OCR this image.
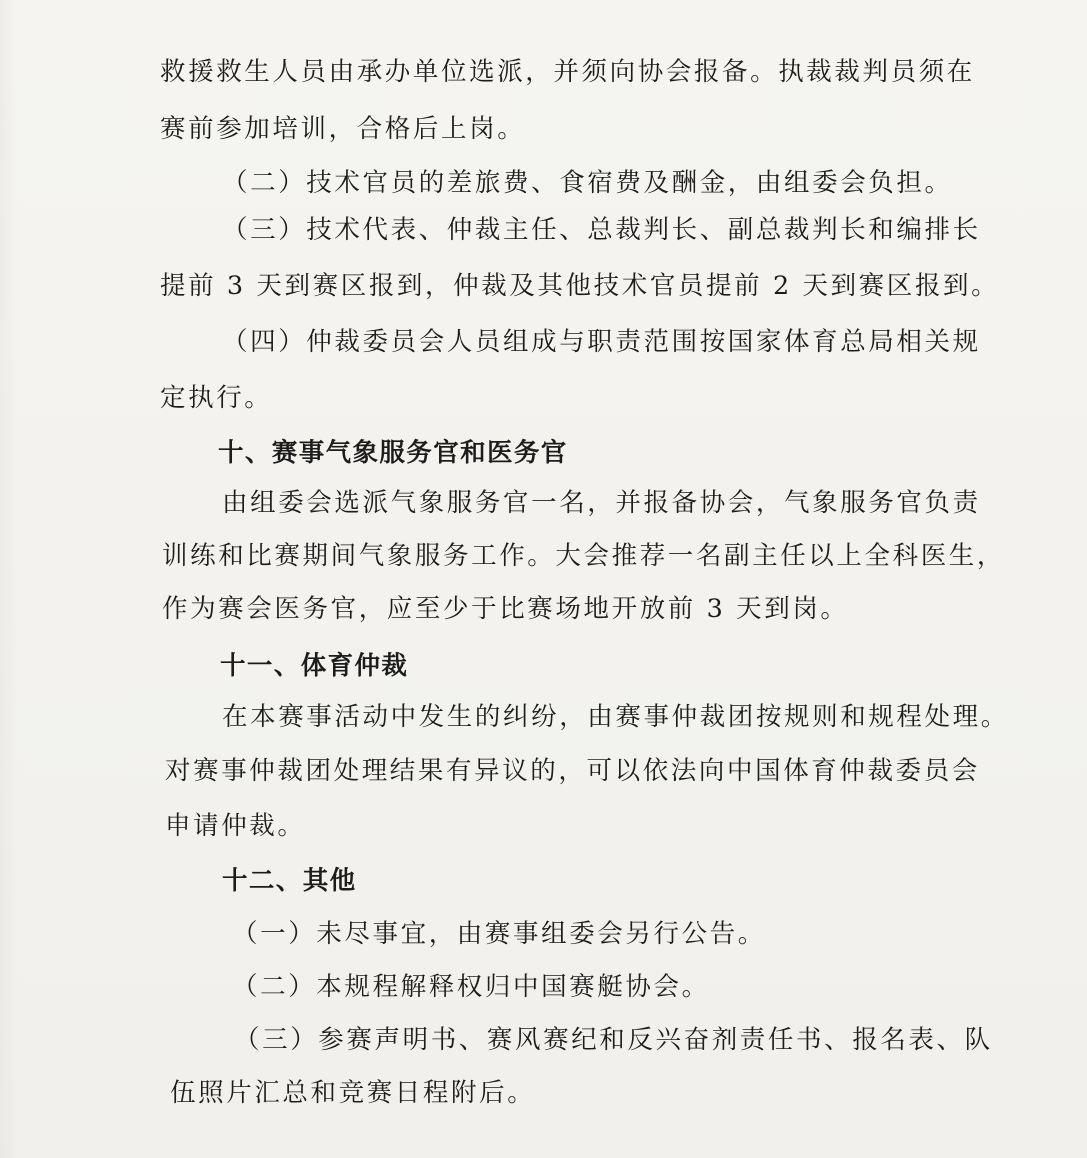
救援救生人员由承办单位选派，并须向协会报备。执裁裁判员须在
赛前参加培训，合格后上岗。
（二）技术官员的差旅费、食宿费及酬金，由组委会负担。
（三）技术代表、仲裁主任、总裁判长、副总裁判长和编排长
提前 3 天到赛区报到，仲裁及其他技术官员提前 2 天到赛区报到。
（四）仲裁委员会人员组成与职责范围按国家体育总局相关规
定执行。
十、赛事气象服务官和医务官
由组委会选派气象服务官一名，并报备协会，气象服务官负责
训练和比赛期间气象服务工作。大会推荐一名副主任以上全科医生，
作为赛会医务官，应至少于比赛场地开放前 3 天到岗。
十一、体育仲裁
在本赛事活动中发生的纠纷，由赛事仲裁团按规则和规程处理。
对赛事仲裁团处理结果有异议的，可以依法向中国体育仲裁委员会
申请仲裁。
十二、其他
（一）未尽事宜，由赛事组委会另行公告。
（二）本规程解释权归中国赛艇协会。
（三）参赛声明书、赛风赛纪和反兴奋剂责任书、报名表、队
伍照片汇总和竞赛日程附后。
